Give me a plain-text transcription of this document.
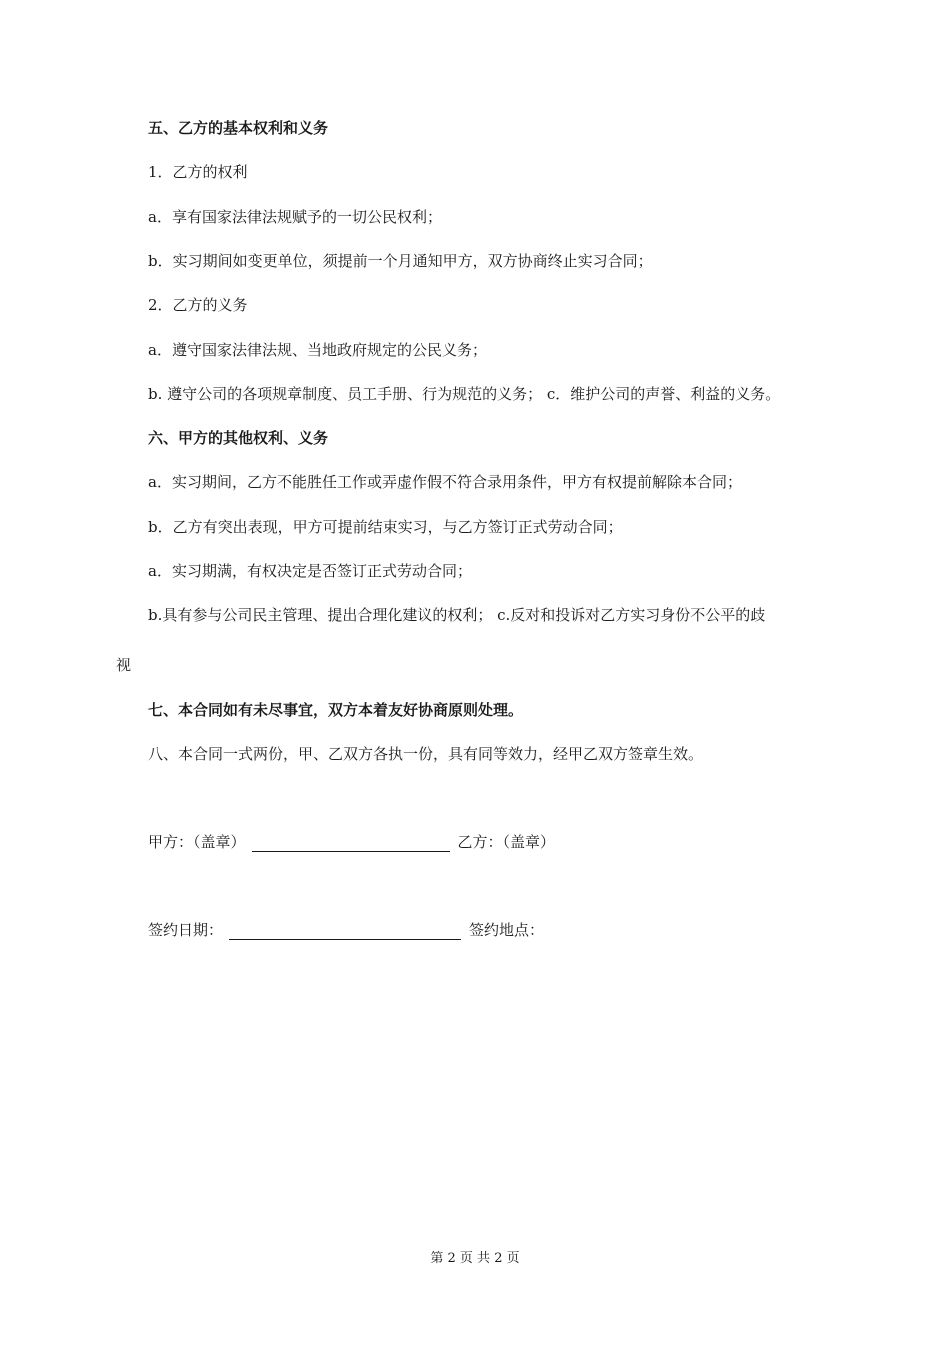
五、乙方的基本权利和义务
1．乙方的权利
a．享有国家法律法规赋予的一切公民权利；
b．实习期间如变更单位，须提前一个月通知甲方，双方协商终止实习合同；
2．乙方的义务
a．遵守国家法律法规、当地政府规定的公民义务；
b. 遵守公司的各项规章制度、员工手册、行为规范的义务； c．维护公司的声誉、利益的义务。
六、甲方的其他权利、义务
a．实习期间，乙方不能胜任工作或弄虚作假不符合录用条件，甲方有权提前解除本合同；
b．乙方有突出表现，甲方可提前结束实习，与乙方签订正式劳动合同；
a．实习期满，有权决定是否签订正式劳动合同；
b.具有参与公司民主管理、提出合理化建议的权利； c.反对和投诉对乙方实习身份不公平的歧
视
七、本合同如有未尽事宜，双方本着友好协商原则处理。
八、本合同一式两份，甲、乙双方各执一份，具有同等效力，经甲乙双方签章生效。
甲方：（盖章）	乙方：（盖章）
签约日期：	签约地点：
第 2 页 共 2 页
